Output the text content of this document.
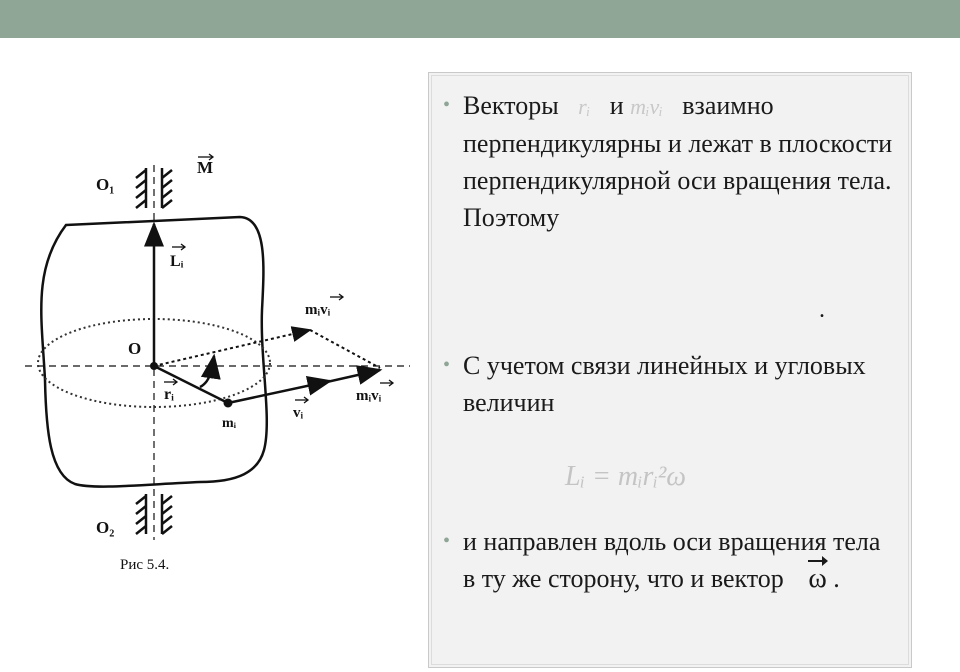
O₁
O₂
M
Lᵢ
O
rᵢ
mᵢ
vᵢ
mᵢvᵢ
mᵢvᵢ
Рис 5.4.
• Векторы rᵢ и mᵢvᵢ взаимно перпендикулярны и лежат в плоскости перпендикулярной оси вращения тела. Поэтому
.
• С учетом связи линейных и угловых величин
Lᵢ = mᵢrᵢ²ω
• и направлен вдоль оси вращения тела в ту же сторону, что и вектор ω .
